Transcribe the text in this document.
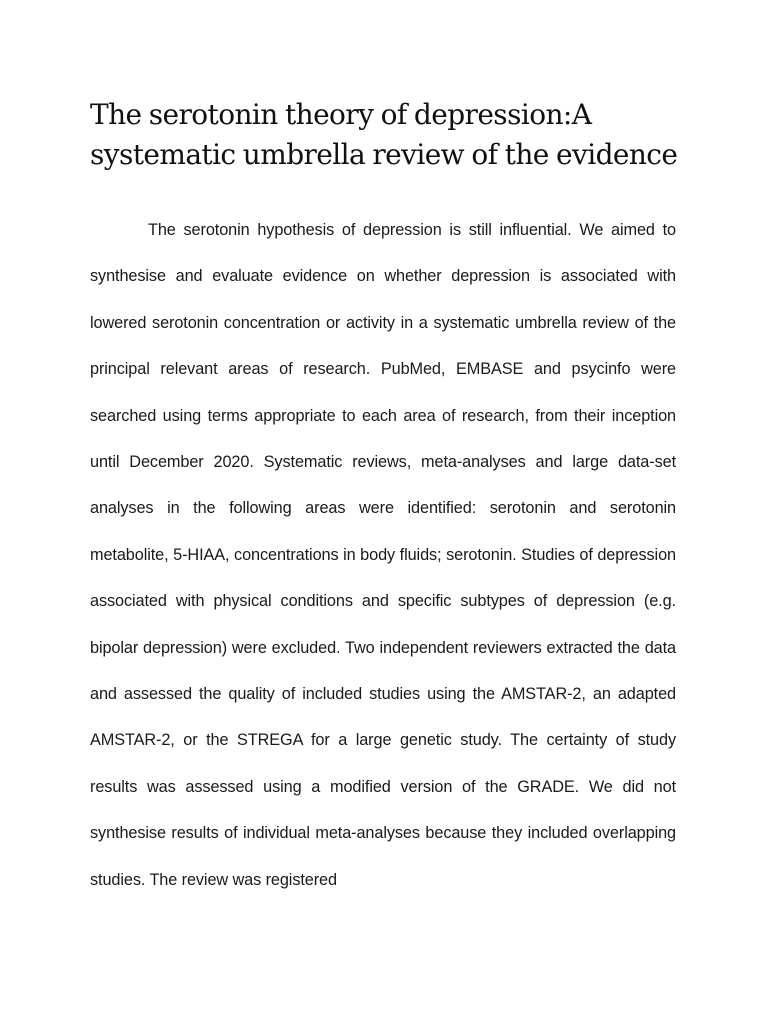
The serotonin theory of depression:A systematic umbrella review of the evidence

The serotonin hypothesis of depression is still influential. We aimed to synthesise and evaluate evidence on whether depression is associated with lowered serotonin concentration or activity in a systematic umbrella review of the principal relevant areas of research. PubMed, EMBASE and psycinfo were searched using terms appropriate to each area of research, from their inception until December 2020. Systematic reviews, meta-analyses and large data-set analyses in the following areas were identified: serotonin and serotonin metabolite, 5-HIAA, concentrations in body fluids; serotonin. Studies of depression associated with physical conditions and specific subtypes of depression (e.g. bipolar depression) were excluded. Two independent reviewers extracted the data and assessed the quality of included studies using the AMSTAR-2, an adapted AMSTAR-2, or the STREGA for a large genetic study. The certainty of study results was assessed using a modified version of the GRADE. We did not synthesise results of individual meta-analyses because they included overlapping studies. The review was registered
